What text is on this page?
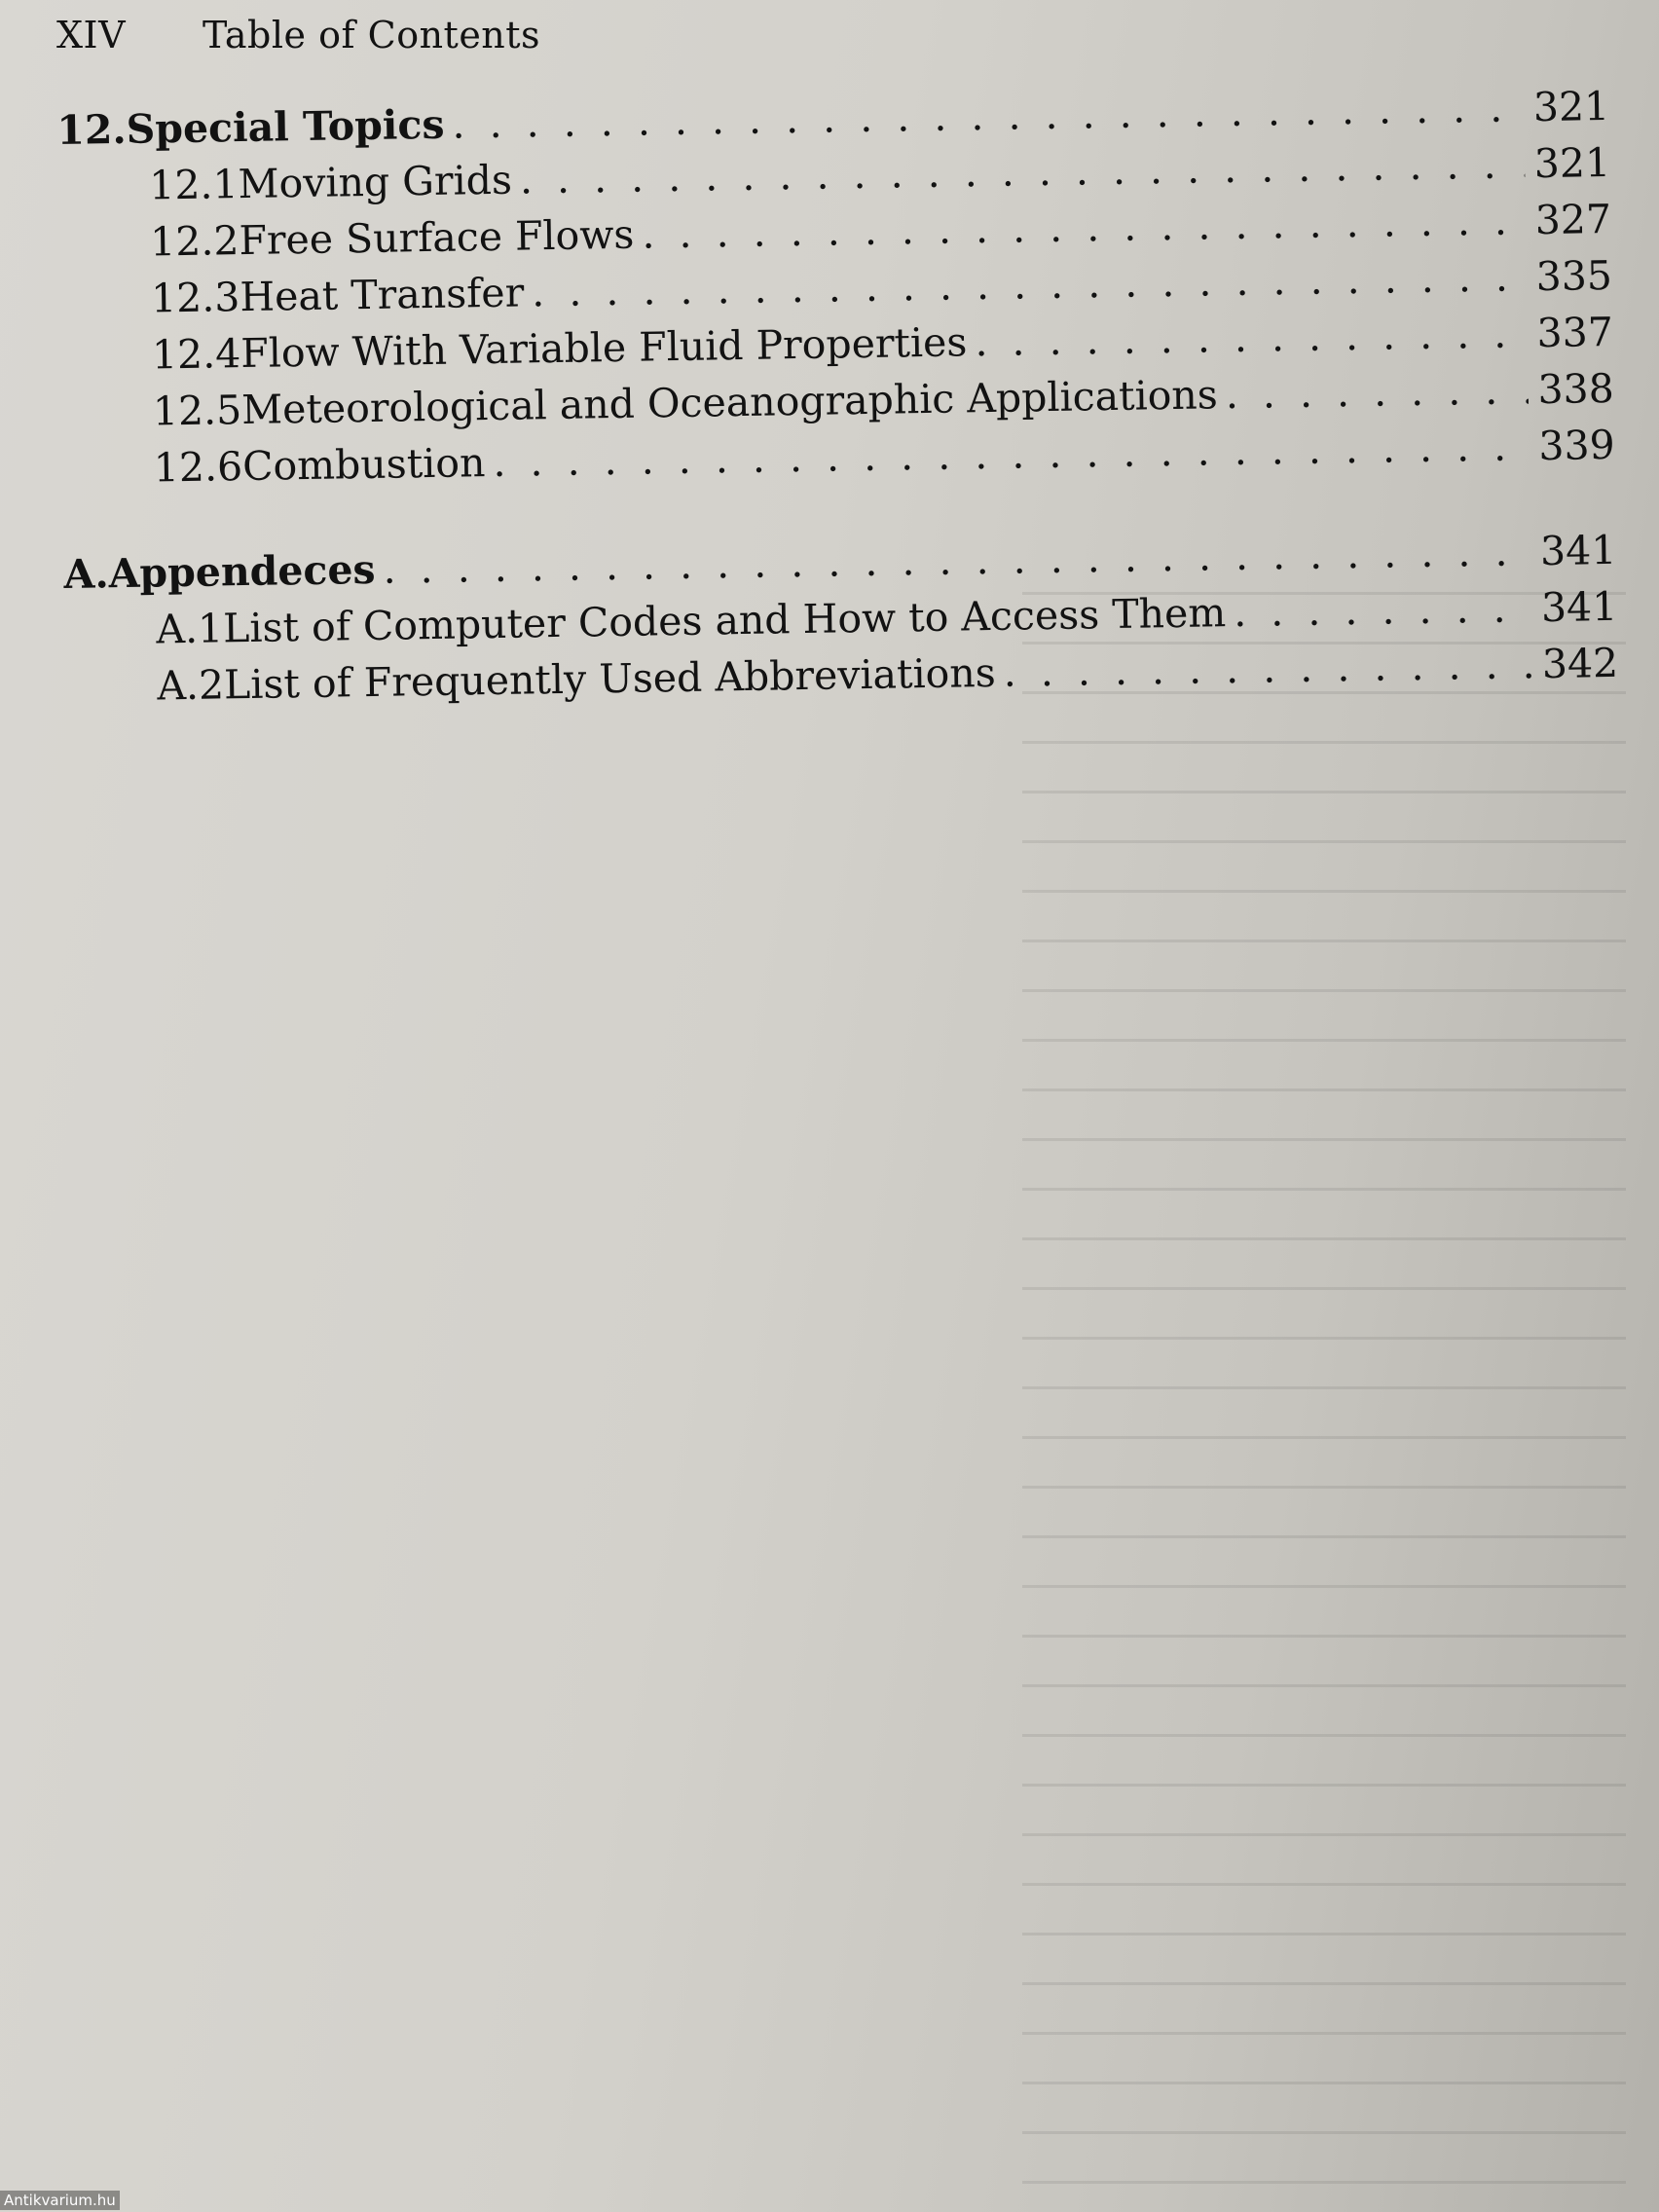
XIV Table of Contents
12. Special Topics . . .	321
12.1 Moving Grids . . .	321
12.2 Free Surface Flows . . .	327
12.3 Heat Transfer . . .	335
12.4 Flow With Variable Fluid Properties . . .	337
12.5 Meteorological and Oceanographic Applications . . .	338
12.6 Combustion . . .	339
A. Appendeces . . .	341
A.1 List of Computer Codes and How to Access Them . . .	341
A.2 List of Frequently Used Abbreviations . . .	342
Antikvarium.hu
